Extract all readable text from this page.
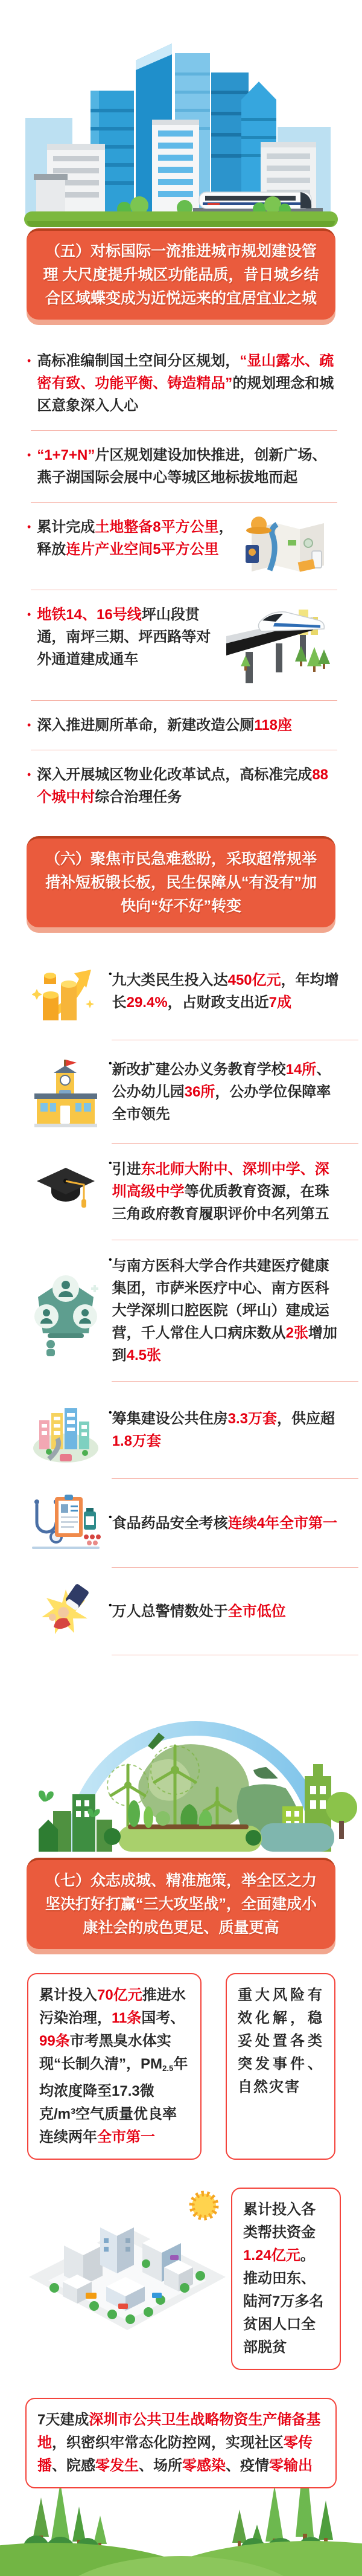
（五）对标国际一流推进城市规划建设管理 大尺度提升城区功能品质，昔日城乡结合区域蝶变成为近悦远来的宜居宜业之城
• 高标准编制国土空间分区规划，“显山露水、疏密有致、功能平衡、铸造精品”的规划理念和城区意象深入人心

• “1+7+N”片区规划建设加快推进，创新广场、燕子湖国际会展中心等城区地标拔地而起

• 累计完成土地整备8平方公里，释放连片产业空间5平方公里

• 地铁14、16号线坪山段贯通，南坪三期、坪西路等对外通道建成通车

• 深入推进厕所革命，新建改造公厕118座

• 深入开展城区物业化改革试点，高标准完成88个城中村综合治理任务

（六）聚焦市民急难愁盼，采取超常规举措补短板锻长板，民生保障从“有没有”加快向“好不好”转变
• 九大类民生投入达450亿元，年均增长29.4%，占财政支出近7成

• 新改扩建公办义务教育学校14所、公办幼儿园36所，公办学位保障率全市领先

• 引进东北师大附中、深圳中学、深圳高级中学等优质教育资源，在珠三角政府教育履职评价中名列第五

• 与南方医科大学合作共建医疗健康集团，市萨米医疗中心、南方医科大学深圳口腔医院（坪山）建成运营，千人常住人口病床数从2张增加到4.5张

• 筹集建设公共住房3.3万套，供应超1.8万套

• 食品药品安全考核连续4年全市第一

• 万人总警情数处于全市低位

（七）众志成城、精准施策，举全区之力坚决打好打赢“三大攻坚战”，全面建成小康社会的成色更足、质量更高
累计投入70亿元推进水污染治理，11条国考、99条市考黑臭水体实现“长制久清”，PM2.5年均浓度降至17.3微克/m³空气质量优良率连续两年全市第一
重大风险有效化解，稳妥处置各类突发事件、自然灾害
累计投入各类帮扶资金1.24亿元。推动田东、陆河7万多名贫困人口全部脱贫
7天建成深圳市公共卫生战略物资生产储备基地，织密织牢常态化防控网，实现社区零传播、院感零发生、场所零感染、疫情零输出
